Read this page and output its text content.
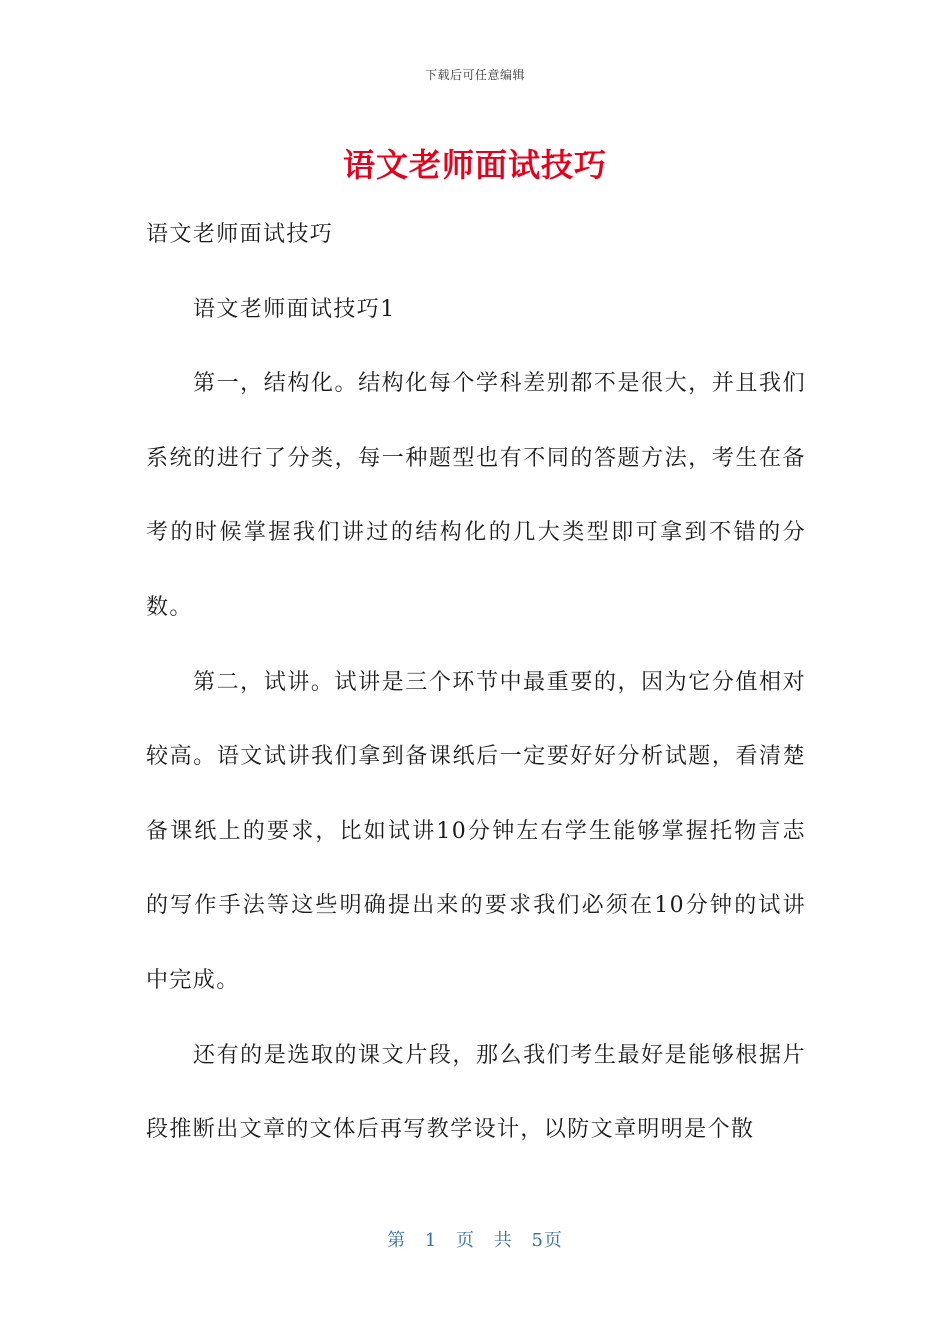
下载后可任意编辑
语文老师面试技巧

语文老师面试技巧

语文老师面试技巧1

第一，结构化。结构化每个学科差别都不是很大，并且我们系统的进行了分类，每一种题型也有不同的答题方法，考生在备考的时候掌握我们讲过的结构化的几大类型即可拿到不错的分数。

第二，试讲。试讲是三个环节中最重要的，因为它分值相对较高。语文试讲我们拿到备课纸后一定要好好分析试题，看清楚备课纸上的要求，比如试讲10分钟左右学生能够掌握托物言志的写作手法等这些明确提出来的要求我们必须在10分钟的试讲中完成。

还有的是选取的课文片段，那么我们考生最好是能够根据片段推断出文章的文体后再写教学设计，以防文章明明是个散

第 1 页 共 5页
